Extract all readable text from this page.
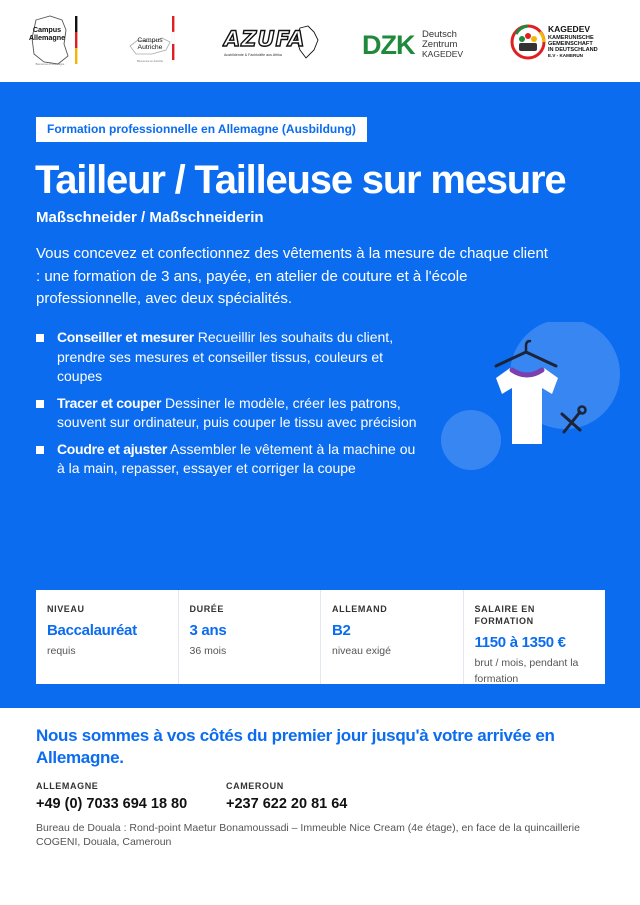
Campus
Allemagne
Bienvenue en Allemagne
Campus
Autriche
Bienvenue en Autriche
AZUFA
Ausbildende & Fachkräfte aus Afrika	DZK Deutsch
Zentrum
KAGEDEV
KAGEDEV
KAMERUNISCHE
GEMEINSCHAFT
IN DEUTSCHLAND
E.V - KAMERUN
Formation professionnelle en Allemagne (Ausbildung)
Tailleur / Tailleuse sur mesure
Maßschneider / Maßschneiderin

Vous concevez et confectionnez des vêtements à la mesure de chaque client : une formation de 3 ans, payée, en atelier de couture et à l'école professionnelle, avec deux spécialités.

Conseiller et mesurer Recueillir les souhaits du client, prendre ses mesures et conseiller tissus, couleurs et coupes
Tracer et couper Dessiner le modèle, créer les patrons, souvent sur ordinateur, puis couper le tissu avec précision
Coudre et ajuster Assembler le vêtement à la machine ou à la main, repasser, essayer et corriger la coupe
NIVEAU
Baccalauréat
requis
DURÉE
3 ans
36 mois
ALLEMAND
B2
niveau exigé
SALAIRE EN FORMATION
1150 à 1350 €
brut / mois, pendant la formation
Nous sommes à vos côtés du premier jour jusqu'à votre arrivée en Allemagne.
ALLEMAGNE
+49 (0) 7033 694 18 80
CAMEROUN
+237 622 20 81 64

Bureau de Douala : Rond-point Maetur Bonamoussadi – Immeuble Nice Cream (4e étage), en face de la quincaillerie COGENI, Douala, Cameroun
